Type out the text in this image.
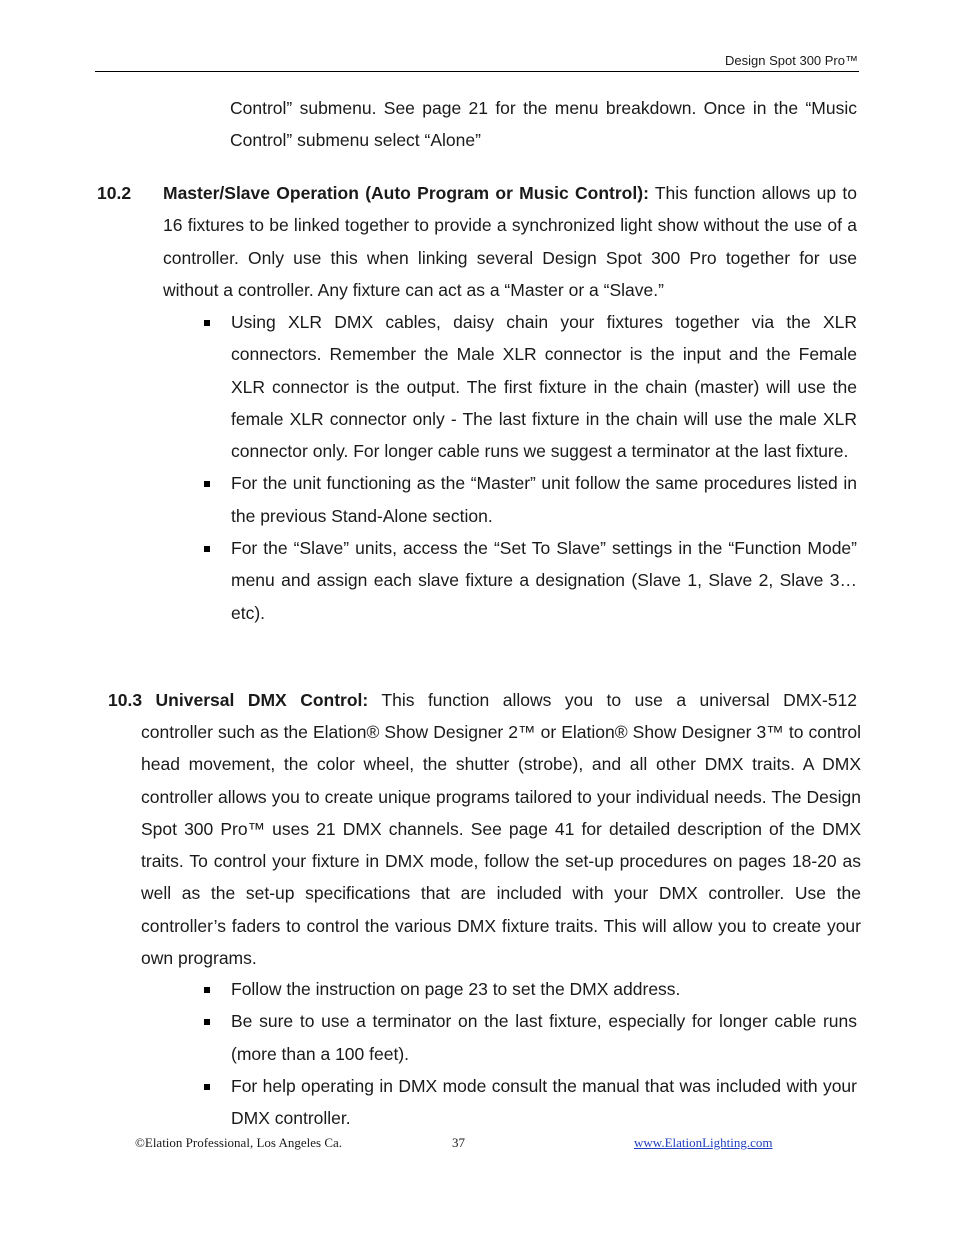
Design Spot 300 Pro™

Control” submenu. See page 21 for the menu breakdown. Once in the “Music Control” submenu select “Alone”

10.2 Master/Slave Operation (Auto Program or Music Control): This function allows up to 16 fixtures to be linked together to provide a synchronized light show without the use of a controller. Only use this when linking several Design Spot 300 Pro together for use without a controller. Any fixture can act as a “Master or a “Slave.”

Using XLR DMX cables, daisy chain your fixtures together via the XLR connectors. Remember the Male XLR connector is the input and the Female XLR connector is the output. The first fixture in the chain (master) will use the female XLR connector only - The last fixture in the chain will use the male XLR connector only. For longer cable runs we suggest a terminator at the last fixture.
For the unit functioning as the “Master” unit follow the same procedures listed in the previous Stand-Alone section.
For the “Slave” units, access the “Set To Slave” settings in the “Function Mode” menu and assign each slave fixture a designation (Slave 1, Slave 2, Slave 3…etc).

10.3 Universal DMX Control: This function allows you to use a universal DMX-512

controller such as the Elation® Show Designer 2™ or Elation® Show Designer 3™ to control head movement, the color wheel, the shutter (strobe), and all other DMX traits. A DMX controller allows you to create unique programs tailored to your individual needs. The Design Spot 300 Pro™ uses 21 DMX channels. See page 41 for detailed description of the DMX traits. To control your fixture in DMX mode, follow the set-up procedures on pages 18-20 as well as the set-up specifications that are included with your DMX controller. Use the controller’s faders to control the various DMX fixture traits. This will allow you to create your own programs.

Follow the instruction on page 23 to set the DMX address.
Be sure to use a terminator on the last fixture, especially for longer cable runs (more than a 100 feet).
For help operating in DMX mode consult the manual that was included with your DMX controller.
©Elation Professional, Los Angeles Ca.	37	www.ElationLighting.com
